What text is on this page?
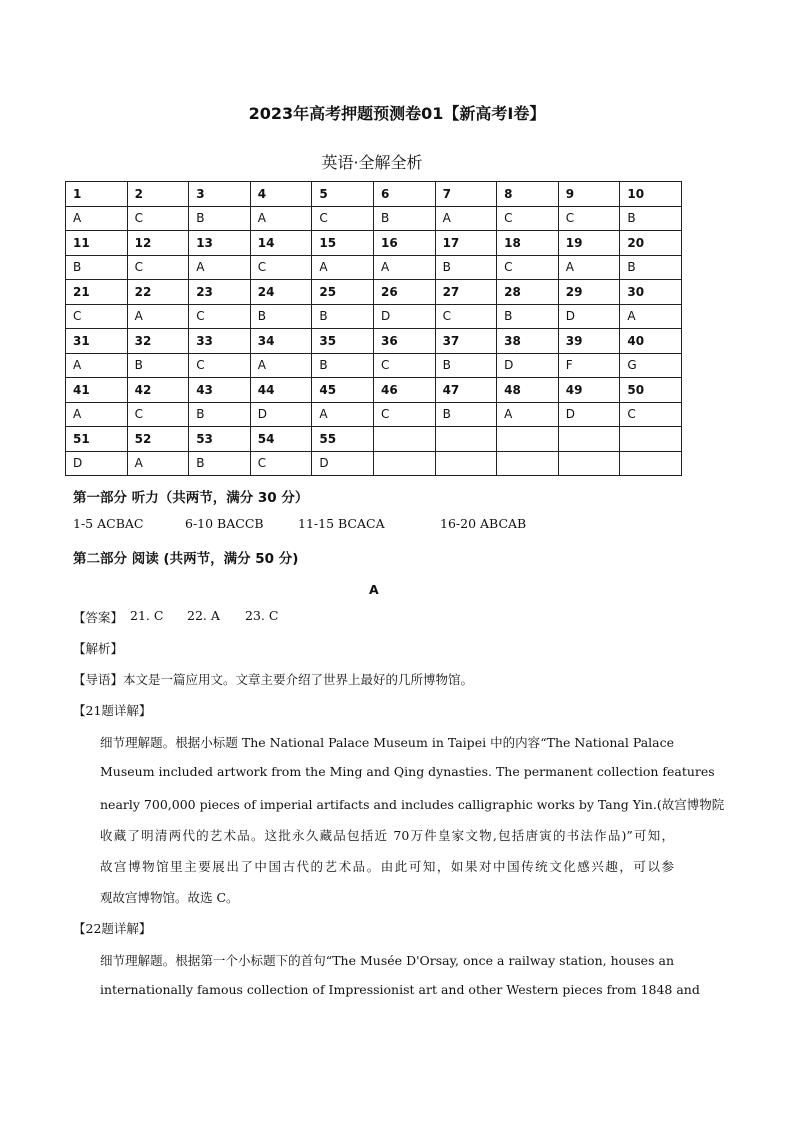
2023年高考押题预测卷01【新高考Ⅰ卷】
英语·全解全析
1	2	3	4	5	6	7	8	9	10
A	C	B	A	C	B	A	C	C	B
11	12	13	14	15	16	17	18	19	20
B	C	A	C	A	A	B	C	A	B
21	22	23	24	25	26	27	28	29	30
C	A	C	B	B	D	C	B	D	A
31	32	33	34	35	36	37	38	39	40
A	B	C	A	B	C	B	D	F	G
41	42	43	44	45	46	47	48	49	50
A	C	B	D	A	C	B	A	D	C
51	52	53	54	55					
D	A	B	C	D					
第一部分 听力（共两节，满分 30 分）
1-5 ACBAC	6-10 BACCB	11-15 BCACA	16-20 ABCAB
第二部分 阅读 (共两节，满分 50 分)
A
【答案】 21. C 22. A 23. C
【解析】
【导语】本文是一篇应用文。文章主要介绍了世界上最好的几所博物馆。
【21题详解】
细节理解题。根据小标题 The National Palace Museum in Taipei 中的内容“The National Palace
Museum included artwork from the Ming and Qing dynasties. The permanent collection features
nearly 700,000 pieces of imperial artifacts and includes calligraphic works by Tang Yin.(故宫博物院
收藏了明清两代的艺术品。这批永久藏品包括近 70万件皇家文物,包括唐寅的书法作品)”可知，
故宫博物馆里主要展出了中国古代的艺术品。由此可知，如果对中国传统文化感兴趣，可以参
观故宫博物馆。故选 C。
【22题详解】
细节理解题。根据第一个小标题下的首句“The Musée D'Orsay, once a railway station, houses an
internationally famous collection of Impressionist art and other Western pieces from 1848 and
